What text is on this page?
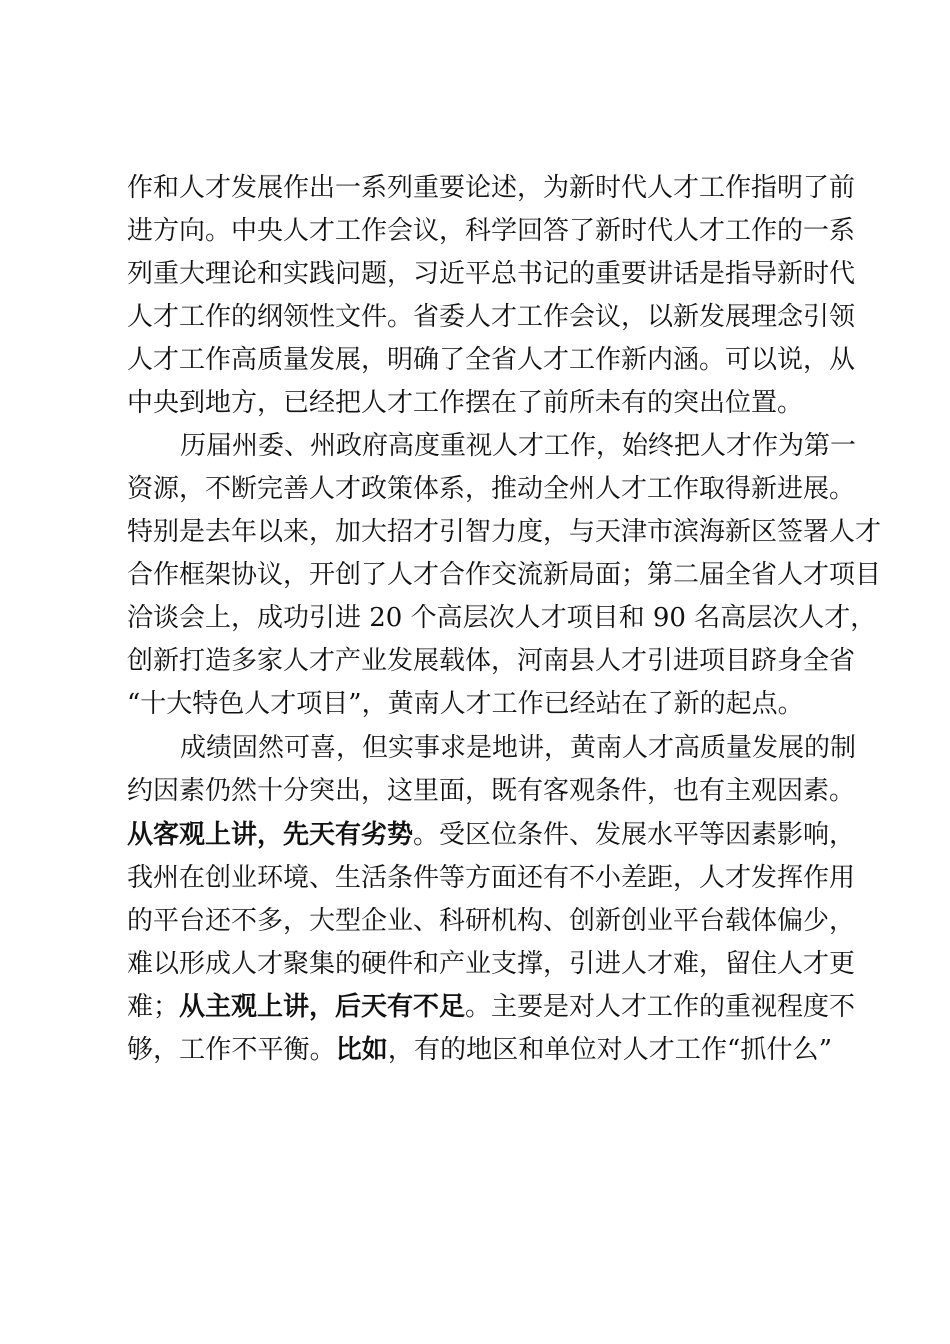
作和人才发展作出一系列重要论述，为新时代人才工作指明了前
进方向。中央人才工作会议，科学回答了新时代人才工作的一系
列重大理论和实践问题，习近平总书记的重要讲话是指导新时代
人才工作的纲领性文件。省委人才工作会议，以新发展理念引领
人才工作高质量发展，明确了全省人才工作新内涵。可以说，从
中央到地方，已经把人才工作摆在了前所未有的突出位置。
历届州委、州政府高度重视人才工作，始终把人才作为第一
资源，不断完善人才政策体系，推动全州人才工作取得新进展。
特别是去年以来，加大招才引智力度，与天津市滨海新区签署人才
合作框架协议，开创了人才合作交流新局面；第二届全省人才项目
洽谈会上，成功引进 20 个高层次人才项目和 90 名高层次人才，
创新打造多家人才产业发展载体，河南县人才引进项目跻身全省
“十大特色人才项目”，黄南人才工作已经站在了新的起点。
成绩固然可喜，但实事求是地讲，黄南人才高质量发展的制
约因素仍然十分突出，这里面，既有客观条件，也有主观因素。
从客观上讲，先天有劣势。受区位条件、发展水平等因素影响，
我州在创业环境、生活条件等方面还有不小差距，人才发挥作用
的平台还不多，大型企业、科研机构、创新创业平台载体偏少，
难以形成人才聚集的硬件和产业支撑，引进人才难，留住人才更
难；从主观上讲，后天有不足。主要是对人才工作的重视程度不
够，工作不平衡。比如，有的地区和单位对人才工作“抓什么”
